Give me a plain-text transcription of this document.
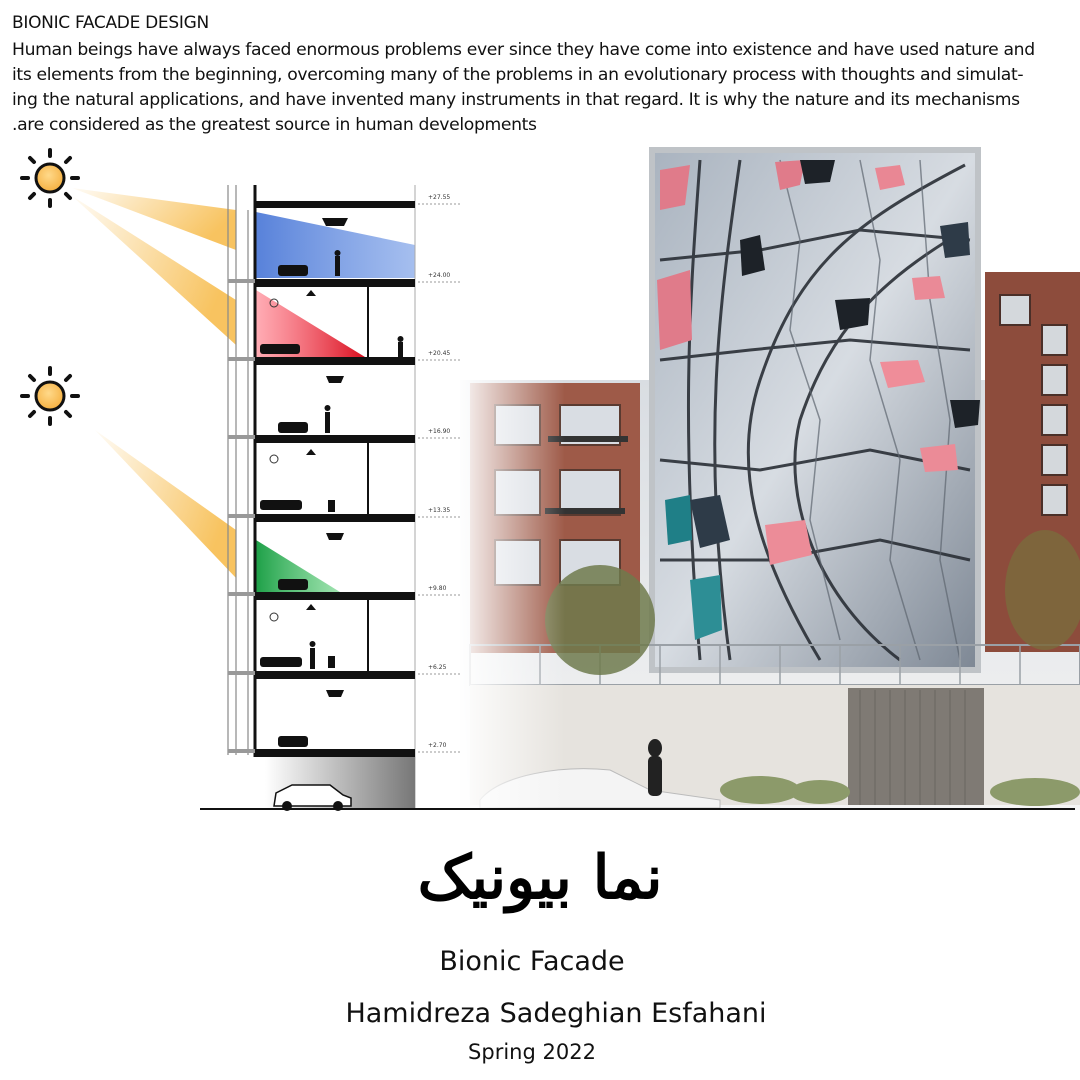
BIONIC FACADE DESIGN
Human beings have always faced enormous problems ever since they have come into existence and have used nature and
its elements from the beginning, overcoming many of the problems in an evolutionary process with thoughts and simulat-
ing the natural applications, and have invented many instruments in that regard. It is why the nature and its mechanisms
.are considered as the greatest source in human developments
+27.55
+24.00
+20.45
+16.90
+13.35
+9.80
+6.25
+2.70
نما بیونیک
Bionic Facade
Hamidreza Sadeghian Esfahani
Spring 2022
